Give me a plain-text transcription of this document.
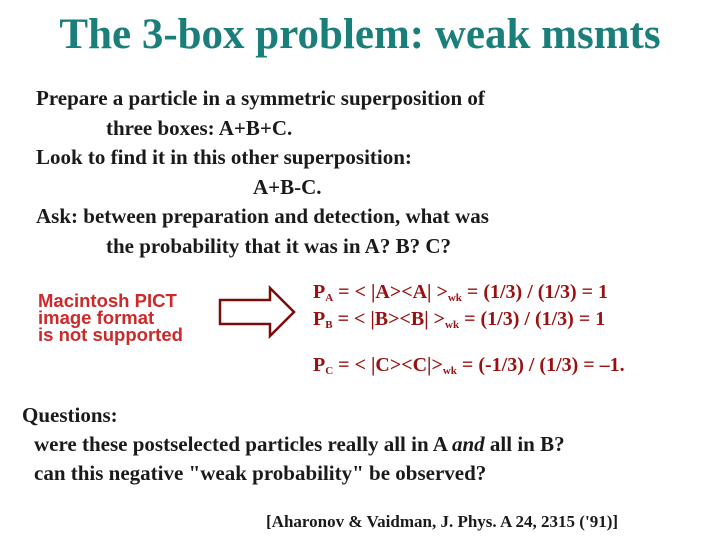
The 3-box problem: weak msmts
Prepare a particle in a symmetric superposition of
three boxes: A+B+C.
Look to find it in this other superposition:
A+B-C.
Ask: between preparation and detection, what was
the probability that it was in A? B? C?
Macintosh PICT
image format
is not supported
$P_A$ = < $|A><A| >_{wk} = (1/3) / (1/3) = 1$
$P_B$ = < $|B><B| >_{wk} = (1/3) / (1/3) = 1$
$P_C$ = < $|C><C|>_{wk} = (-1/3) / (1/3) = -1$.
Questions:
were these postselected particles really all in A and all in B?
can this negative "weak probability" be observed?
[Aharonov & Vaidman, J. Phys. A 24, 2315 ('91)]
